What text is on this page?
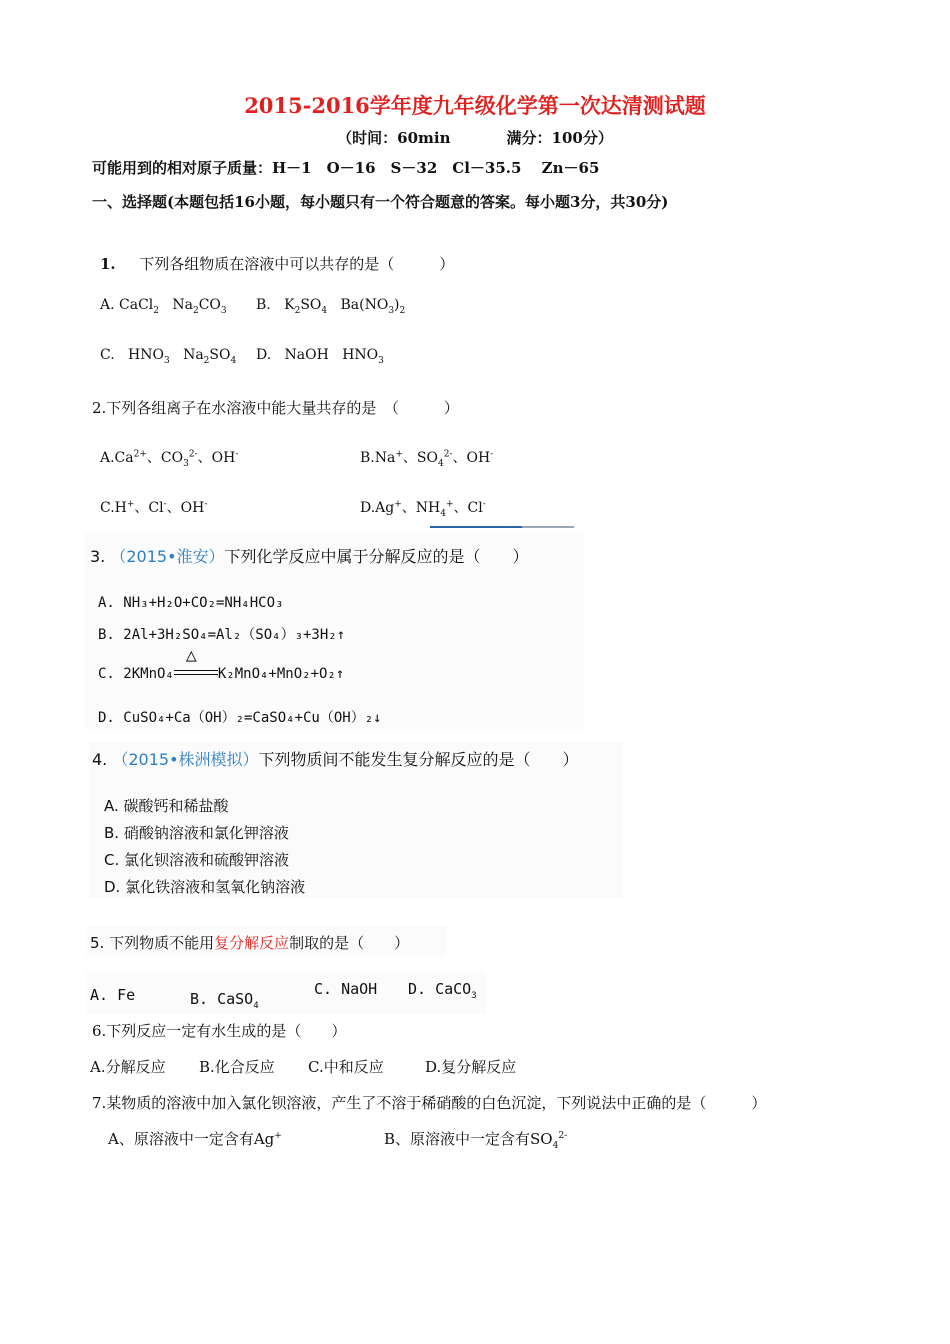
2015-2016学年度九年级化学第一次达清测试题
（时间：60min	满分：100分）
可能用到的相对原子质量：H－1　O－16　S－32　Cl－35.5　 Zn－65
一、选择题(本题包括16小题，每小题只有一个符合题意的答案。每小题3分，共30分)
1. 下列各组物质在溶液中可以共存的是（　　　）
A. CaCl$_2$ $Na_2CO_3$ B. $K_2SO_4$ $Ba(NO_3)_2$
C. $HNO_3$ $Na_2SO_4$ D. NaOH $HNO_3$
2.下列各组离子在水溶液中能大量共存的是　（　　　）
$A.Ca^{2+}$、$CO_3^{2-}$、OH-	B.Na+、$SO_4^{2-}$、OH-
C.H+、Cl-、OH-	D.Ag+、$NH_4^+$、Cl-
3. （2015•淮安）下列化学反应中属于分解反应的是（　　）
A. NH₃+H₂O+CO₂=NH₄HCO₃
B. 2Al+3H₂SO₄=Al₂（SO₄）₃+3H₂↑
C. 2KMnO₄
△
K₂MnO₄+MnO₂+O₂↑
D. CuSO₄+Ca（OH）₂=CaSO₄+Cu（OH）₂↓
4. （2015•株洲模拟）下列物质间不能发生复分解反应的是（　　）
A. 碳酸钙和稀盐酸
B. 硝酸钠溶液和氯化钾溶液
C. 氯化钡溶液和硫酸钾溶液
D. 氯化铁溶液和氢氧化钠溶液
5. 下列物质不能用复分解反应制取的是（　　）
A. Fe	B. CaSO$_4$
C. NaOH D. CaCO$_3$
6.下列反应一定有水生成的是（　　）
A.分解反应 B.化合反应 C.中和反应	D.复分解反应
7.某物质的溶液中加入氯化钡溶液，产生了不溶于稀硝酸的白色沉淀，下列说法中正确的是（　　　）
A、原溶液中一定含有Ag+	B、原溶液中一定含有$SO_4^{2-}$
